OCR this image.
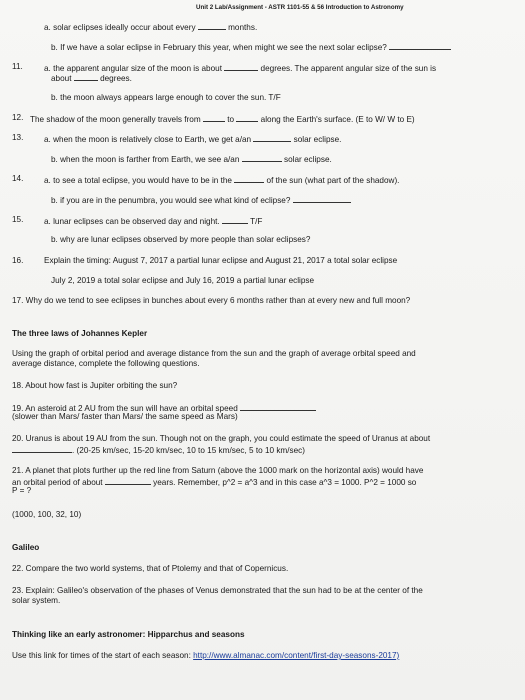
Unit 2 Lab/Assignment - ASTR 1101-55 & 56 Introduction to Astronomy
a. solar eclipses ideally occur about every	months.
b. If we have a solar eclipse in February this year, when might we see the next solar eclipse?
11.	a. the apparent angular size of the moon is about	degrees. The apparent angular size of the sun is
about	degrees.
b. the moon always appears large enough to cover the sun. T/F
12. The shadow of the moon generally travels from	to	along the Earth's surface. (E to W/ W to E)
13.	a. when the moon is relatively close to Earth, we get a/an	solar eclipse.
b. when the moon is farther from Earth, we see a/an	solar eclipse.
14.	a. to see a total eclipse, you would have to be in the	of the sun (what part of the shadow).
b. if you are in the penumbra, you would see what kind of eclipse?
15.	a. lunar eclipses can be observed day and night.	T/F
b. why are lunar eclipses observed by more people than solar eclipses?
16.	Explain the timing: August 7, 2017 a partial lunar eclipse and August 21, 2017 a total solar eclipse
July 2, 2019 a total solar eclipse and July 16, 2019 a partial lunar eclipse
17. Why do we tend to see eclipses in bunches about every 6 months rather than at every new and full moon?
The three laws of Johannes Kepler
Using the graph of orbital period and average distance from the sun and the graph of average orbital speed and
average distance, complete the following questions.
18. About how fast is Jupiter orbiting the sun?
19. An asteroid at 2 AU from the sun will have an orbital speed
(slower than Mars/ faster than Mars/ the same speed as Mars)
20. Uranus is about 19 AU from the sun. Though not on the graph, you could estimate the speed of Uranus at about
. (20-25 km/sec, 15-20 km/sec, 10 to 15 km/sec, 5 to 10 km/sec)
21. A planet that plots further up the red line from Saturn (above the 1000 mark on the horizontal axis) would have
an orbital period of about	years. Remember, p^2 = a^3 and in this case a^3 = 1000. P^2 = 1000 so
P = ?
(1000, 100, 32, 10)
Galileo
22. Compare the two world systems, that of Ptolemy and that of Copernicus.
23. Explain: Galileo's observation of the phases of Venus demonstrated that the sun had to be at the center of the
solar system.
Thinking like an early astronomer: Hipparchus and seasons
Use this link for times of the start of each season: http://www.almanac.com/content/first-day-seasons-2017)
